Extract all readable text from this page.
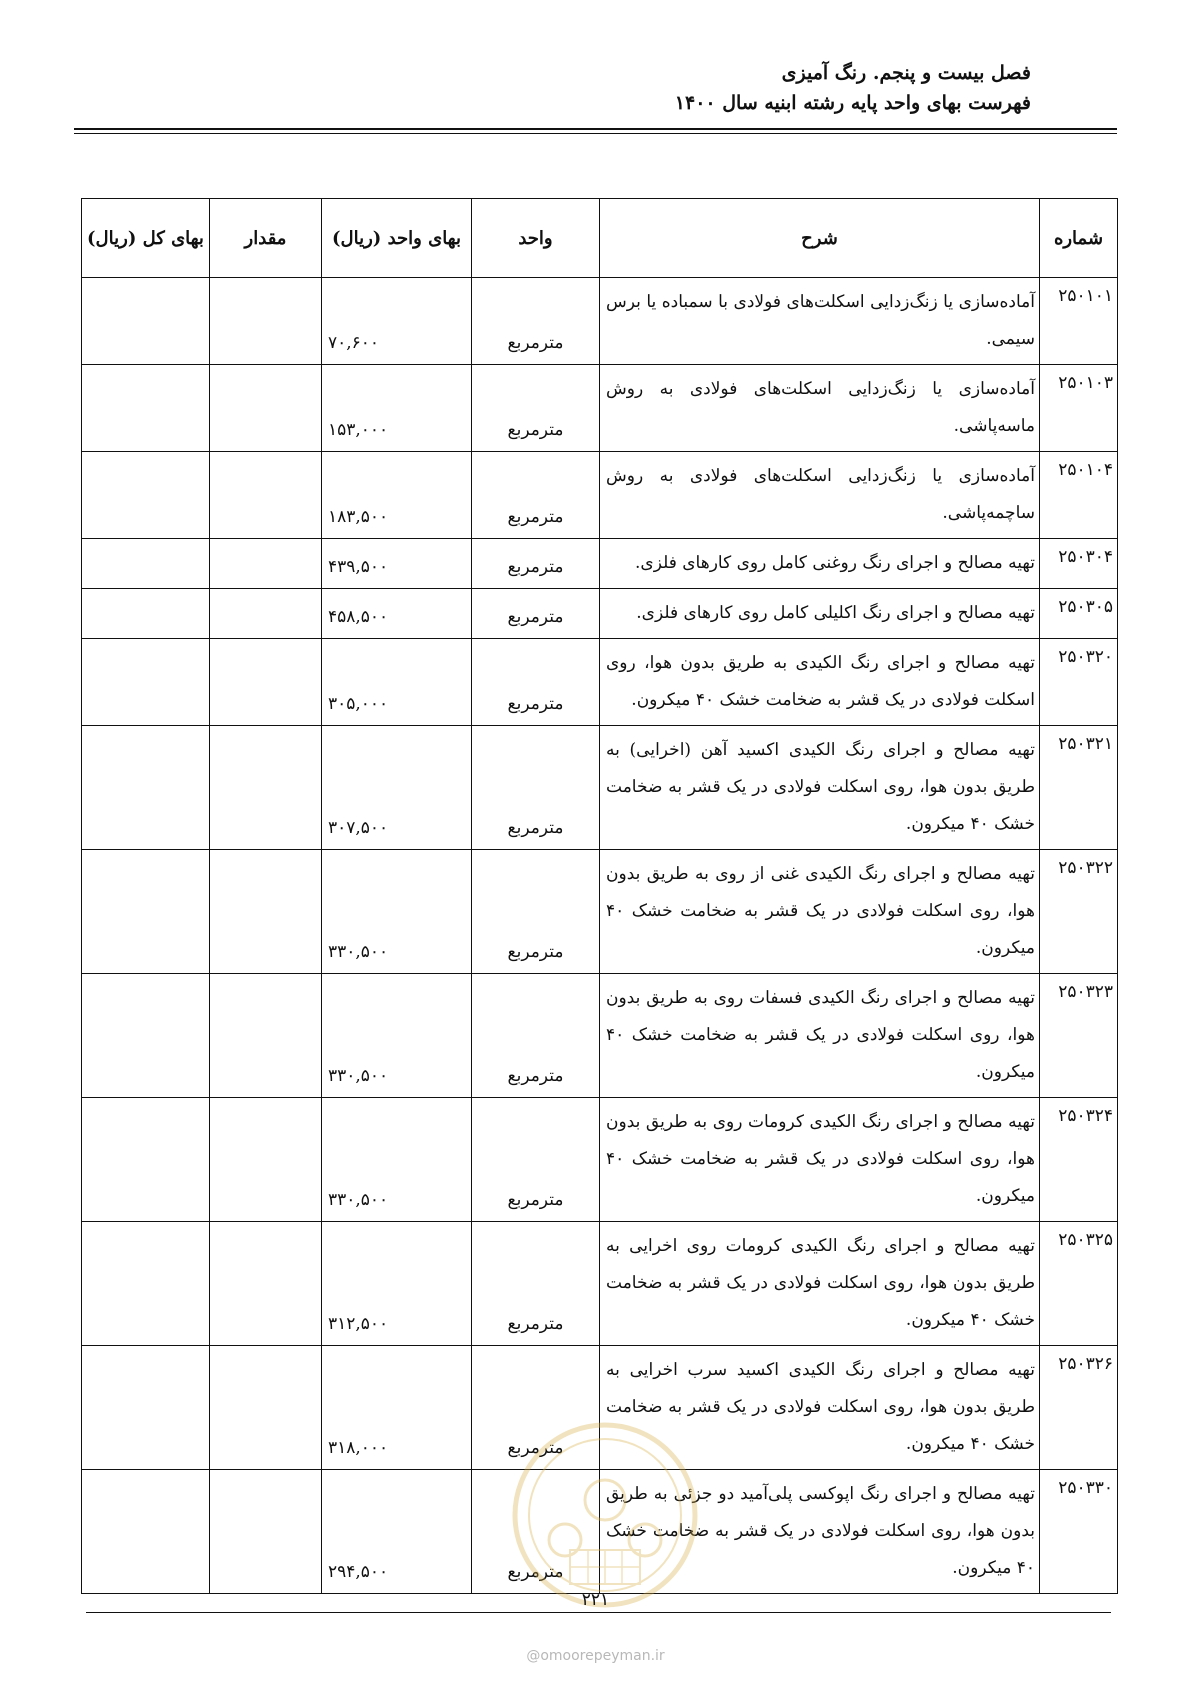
فصل بیست و پنجم. رنگ آمیزی
فهرست بهای واحد پایه رشته ابنیه سال ۱۴۰۰
شماره	شرح	واحد	بهای واحد (ریال)	مقدار	بهای کل (ریال)
۲۵۰۱۰۱	آماده‌سازی یا زنگ‌زدایی اسکلت‌های فولادی با سمباده یا برس سیمی.	مترمربع	۷۰,۶۰۰		
۲۵۰۱۰۳	آماده‌سازی یا زنگ‌زدایی اسکلت‌های فولادی به روش ماسه‌پاشی.	مترمربع	۱۵۳,۰۰۰		
۲۵۰۱۰۴	آماده‌سازی یا زنگ‌زدایی اسکلت‌های فولادی به روش ساچمه‌پاشی.	مترمربع	۱۸۳,۵۰۰		
۲۵۰۳۰۴	تهیه مصالح و اجرای رنگ روغنی کامل روی کارهای فلزی.	مترمربع	۴۳۹,۵۰۰		
۲۵۰۳۰۵	تهیه مصالح و اجرای رنگ اکلیلی کامل روی کارهای فلزی.	مترمربع	۴۵۸,۵۰۰		
۲۵۰۳۲۰	تهیه مصالح و اجرای رنگ الکیدی به طریق بدون هوا، روی اسکلت فولادی در یک قشر به ضخامت خشک ۴۰ میکرون.	مترمربع	۳۰۵,۰۰۰		
۲۵۰۳۲۱	تهیه مصالح و اجرای رنگ الکیدی اکسید آهن (اخرایی) به طریق بدون هوا، روی اسکلت فولادی در یک قشر به ضخامت خشک ۴۰ میکرون.	مترمربع	۳۰۷,۵۰۰		
۲۵۰۳۲۲	تهیه مصالح و اجرای رنگ الکیدی غنی از روی به طریق بدون هوا، روی اسکلت فولادی در یک قشر به ضخامت خشک ۴۰ میکرون.	مترمربع	۳۳۰,۵۰۰		
۲۵۰۳۲۳	تهیه مصالح و اجرای رنگ الکیدی فسفات روی به طریق بدون هوا، روی اسکلت فولادی در یک قشر به ضخامت خشک ۴۰ میکرون.	مترمربع	۳۳۰,۵۰۰		
۲۵۰۳۲۴	تهیه مصالح و اجرای رنگ الکیدی کرومات روی به طریق بدون هوا، روی اسکلت فولادی در یک قشر به ضخامت خشک ۴۰ میکرون.	مترمربع	۳۳۰,۵۰۰		
۲۵۰۳۲۵	تهیه مصالح و اجرای رنگ الکیدی کرومات روی اخرایی به طریق بدون هوا، روی اسکلت فولادی در یک قشر به ضخامت خشک ۴۰ میکرون.	مترمربع	۳۱۲,۵۰۰		
۲۵۰۳۲۶	تهیه مصالح و اجرای رنگ الکیدی اکسید سرب اخرایی به طریق بدون هوا، روی اسکلت فولادی در یک قشر به ضخامت خشک ۴۰ میکرون.	مترمربع	۳۱۸,۰۰۰		
۲۵۰۳۳۰	تهیه مصالح و اجرای رنگ اپوکسی پلی‌آمید دو جزئی به طریق بدون هوا، روی اسکلت فولادی در یک قشر به ضخامت خشک ۴۰ میکرون.	مترمربع	۲۹۴,۵۰۰		
۲۲۱
@omoorepeyman.ir
